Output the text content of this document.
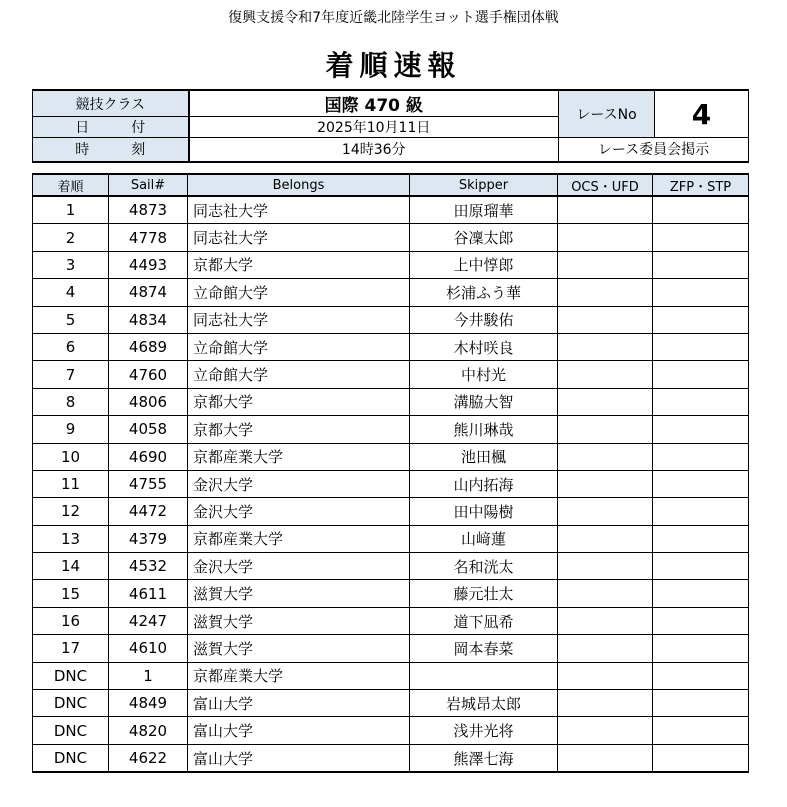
復興支援令和7年度近畿北陸学生ヨット選手権団体戦
着順速報
競技クラス	国際 470 級	レースNo	4
日　　　付	2025年10月11日		
時　　　刻	14時36分	レース委員会掲示	
着順	Sail#	Belongs	Skipper	OCS・UFD	ZFP・STP
1	4873	同志社大学	田原瑠華		
2	4778	同志社大学	谷凜太郎		
3	4493	京都大学	上中惇郎		
4	4874	立命館大学	杉浦ふう華		
5	4834	同志社大学	今井駿佑		
6	4689	立命館大学	木村咲良		
7	4760	立命館大学	中村光		
8	4806	京都大学	溝脇大智		
9	4058	京都大学	熊川琳哉		
10	4690	京都産業大学	池田楓		
11	4755	金沢大学	山内拓海		
12	4472	金沢大学	田中陽樹		
13	4379	京都産業大学	山﨑蓮		
14	4532	金沢大学	名和洸太		
15	4611	滋賀大学	藤元壮太		
16	4247	滋賀大学	道下凪希		
17	4610	滋賀大学	岡本春菜		
DNC	1	京都産業大学			
DNC	4849	富山大学	岩城昂太郎		
DNC	4820	富山大学	浅井光将		
DNC	4622	富山大学	熊澤七海		
